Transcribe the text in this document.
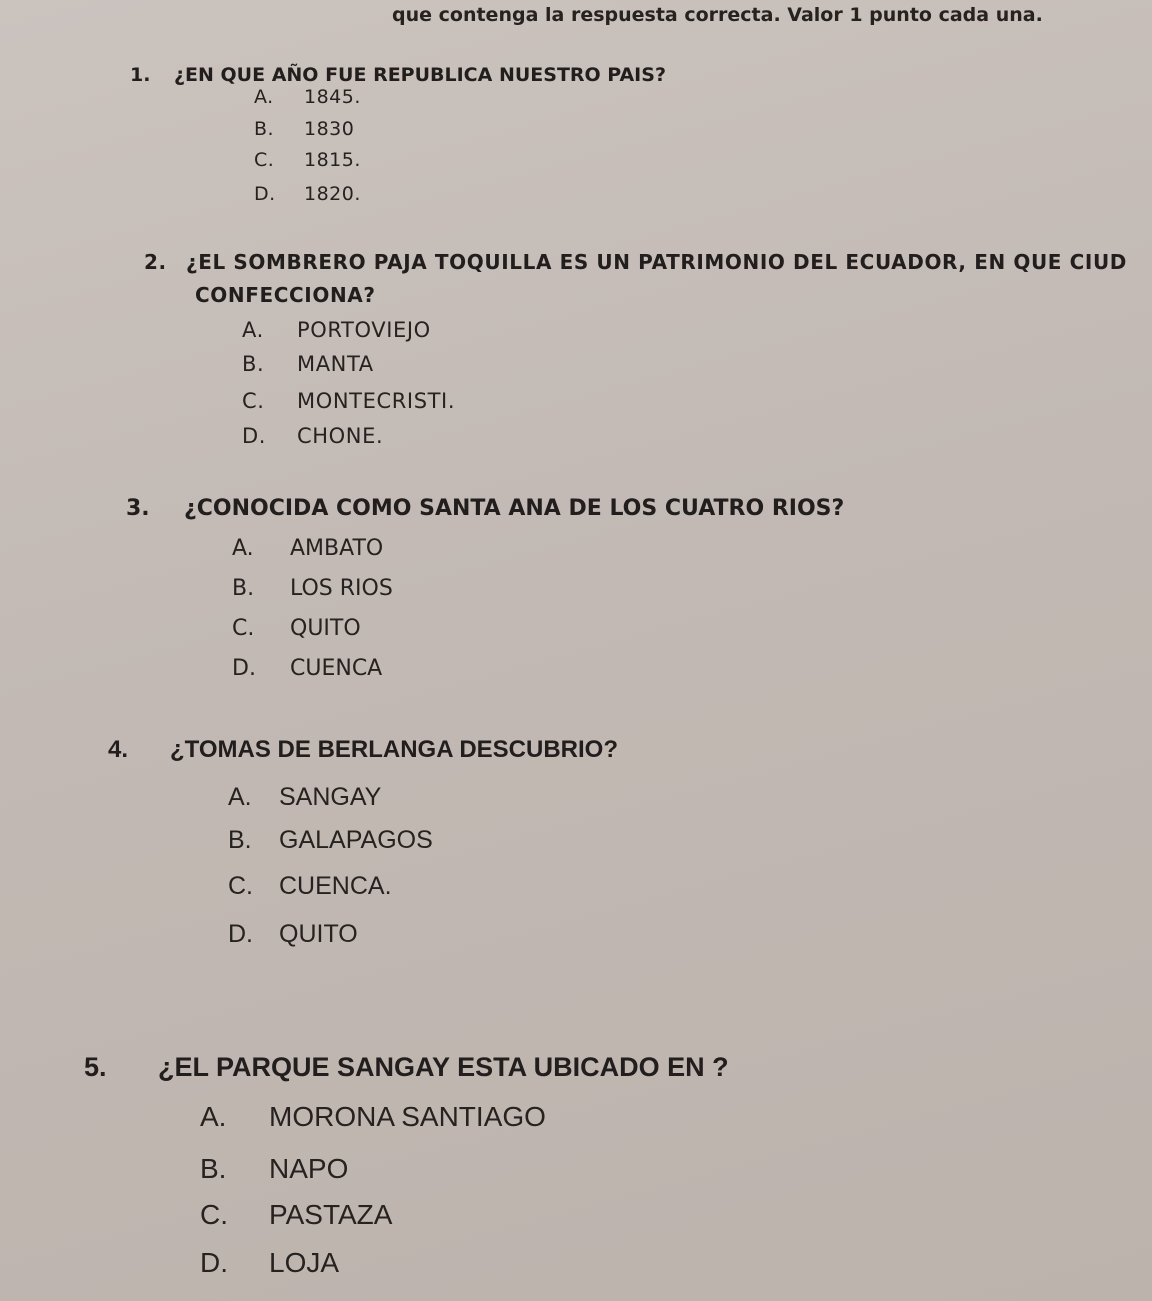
que contenga la respuesta correcta. Valor 1 punto cada una.
1. ¿EN QUE AÑO FUE REPUBLICA NUESTRO PAIS?
A. 1845.
B. 1830
C. 1815.
D. 1820.
2. ¿EL SOMBRERO PAJA TOQUILLA ES UN PATRIMONIO DEL ECUADOR, EN QUE CIUD
CONFECCIONA?
A. PORTOVIEJO
B. MANTA
C. MONTECRISTI.
D. CHONE.
3. ¿CONOCIDA COMO SANTA ANA DE LOS CUATRO RIOS?
A. AMBATO
B. LOS RIOS
C. QUITO
D. CUENCA
4. ¿TOMAS DE BERLANGA DESCUBRIO?
A. SANGAY
B. GALAPAGOS
C. CUENCA.
D. QUITO
5. ¿EL PARQUE SANGAY ESTA UBICADO EN ?
A. MORONA SANTIAGO
B. NAPO
C. PASTAZA
D. LOJA
